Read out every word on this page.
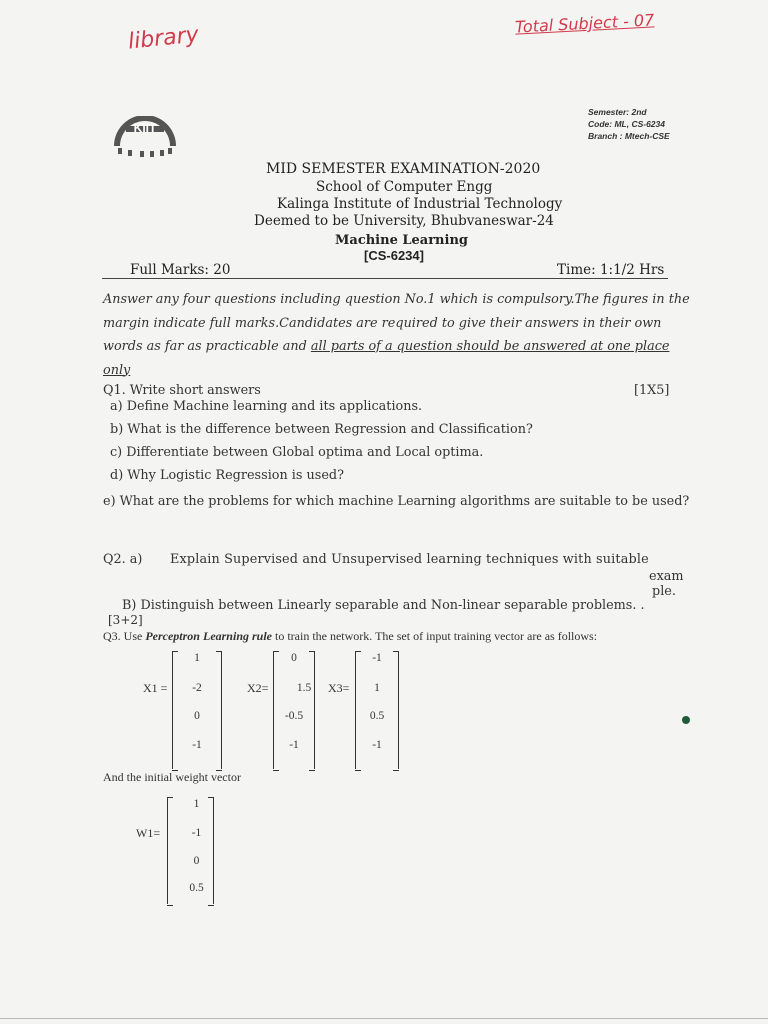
library	Total Subject - 07
Semester: 2nd
Code: ML, CS-6234
Branch : Mtech-CSE
KIIT
MID SEMESTER EXAMINATION-2020
School of Computer Engg
Kalinga Institute of Industrial Technology
Deemed to be University, Bhubvaneswar-24
Machine Learning
[CS-6234]
Full Marks: 20	Time: 1:1/2 Hrs
Answer any four questions including question No.1 which is compulsory.The figures in the margin indicate full marks.Candidates are required to give their answers in their own words as far as practicable and all parts of a question should be answered at one place only
Q1. Write short answers	[1X5]
a) Define Machine learning and its applications.
b) What is the difference between Regression and Classification?
c) Differentiate between Global optima and Local optima.
d) Why Logistic Regression is used?
e) What are the problems for which machine Learning algorithms are suitable to be used?
Q2. a) Explain Supervised and Unsupervised learning techniques with suitable
exam
ple.
B) Distinguish between Linearly separable and Non-linear separable problems. .
[3+2]
Q3. Use Perceptron Learning rule to train the network. The set of input training vector are as follows:
X1 =
1
-2
0
-1
X2=
0
1.5
-0.5
-1
X3=
-1
1
0.5
-1
And the initial weight vector
W1=
1
-1
0
0.5
